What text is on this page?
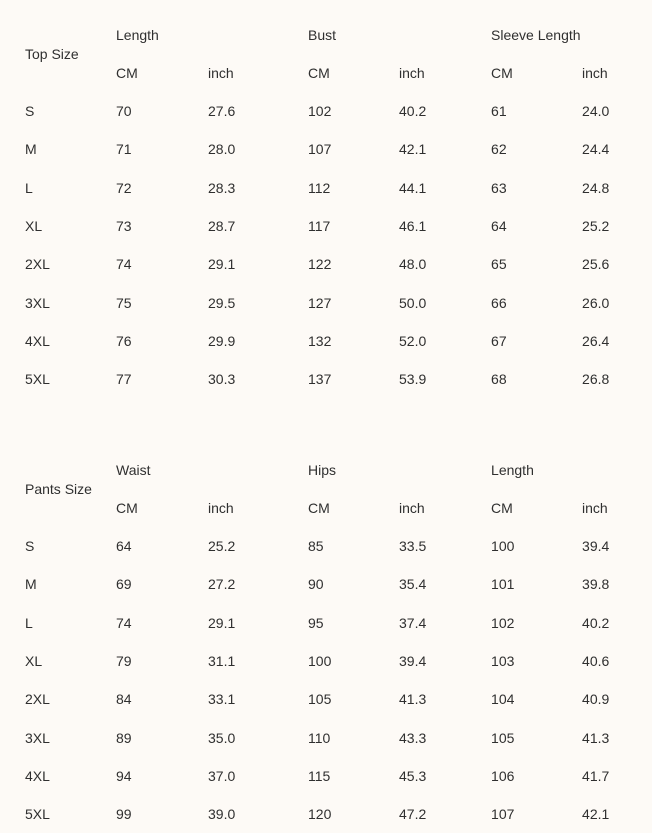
Top Size	Length		Bust		Sleeve Length	
	CM	inch	CM	inch	CM	inch
S	70	27.6	102	40.2	61	24.0
M	71	28.0	107	42.1	62	24.4
L	72	28.3	112	44.1	63	24.8
XL	73	28.7	117	46.1	64	25.2
2XL	74	29.1	122	48.0	65	25.6
3XL	75	29.5	127	50.0	66	26.0
4XL	76	29.9	132	52.0	67	26.4
5XL	77	30.3	137	53.9	68	26.8
Pants Size	Waist		Hips		Length	
	CM	inch	CM	inch	CM	inch
S	64	25.2	85	33.5	100	39.4
M	69	27.2	90	35.4	101	39.8
L	74	29.1	95	37.4	102	40.2
XL	79	31.1	100	39.4	103	40.6
2XL	84	33.1	105	41.3	104	40.9
3XL	89	35.0	110	43.3	105	41.3
4XL	94	37.0	115	45.3	106	41.7
5XL	99	39.0	120	47.2	107	42.1
